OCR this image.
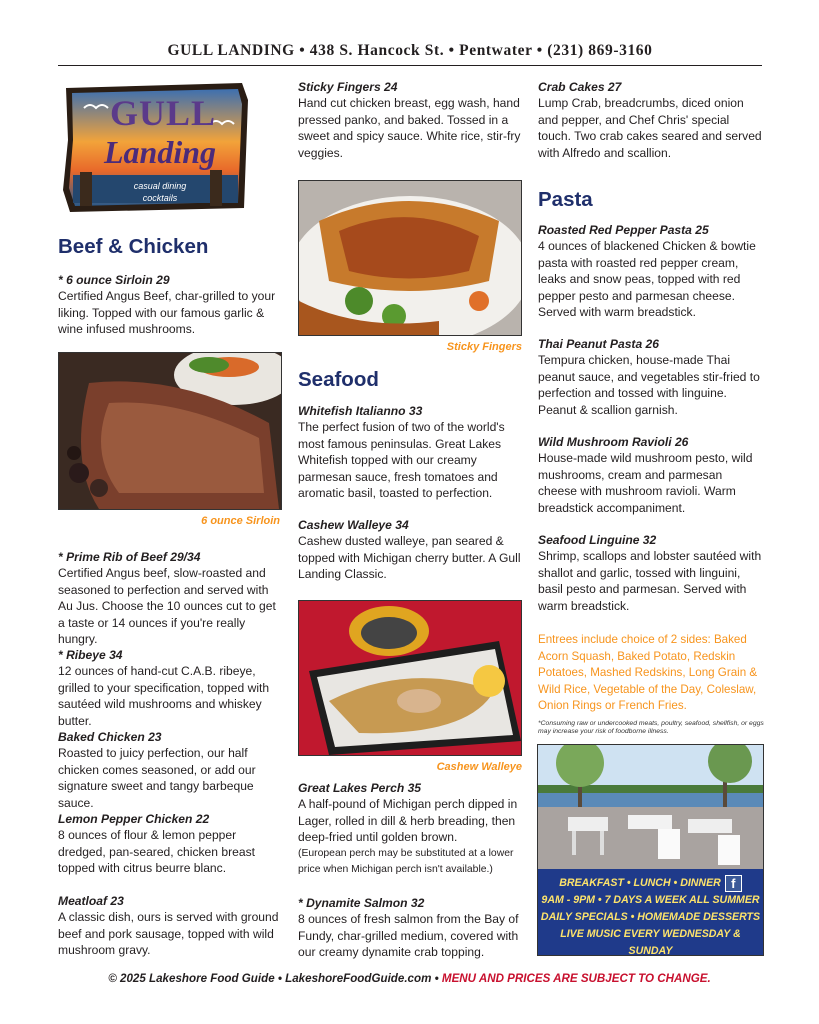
GULL LANDING • 438 S. Hancock St. • Pentwater • (231) 869-3160
GULL
Landing
casual dining
cocktails
Beef & Chicken
* 6 ounce Sirloin 29
Certified Angus Beef, char-grilled to your liking. Topped with our famous garlic & wine infused mushrooms.
6 ounce Sirloin
* Prime Rib of Beef 29/34
Certified Angus beef, slow-roasted and seasoned to perfection and served with Au Jus. Choose the 10 ounces cut to get a taste or 14 ounces if you're really hungry.
* Ribeye 34
12 ounces of hand-cut C.A.B. ribeye, grilled to your specification, topped with sautéed wild mushrooms and whiskey butter.
Baked Chicken 23
Roasted to juicy perfection, our half chicken comes seasoned, or add our signature sweet and tangy barbeque sauce.
Lemon Pepper Chicken 22
8 ounces of flour & lemon pepper dredged, pan-seared, chicken breast topped with citrus beurre blanc.
Meatloaf 23
A classic dish, ours is served with ground beef and pork sausage, topped with wild mushroom gravy.
Sticky Fingers 24
Hand cut chicken breast, egg wash, hand pressed panko, and baked. Tossed in a sweet and spicy sauce. White rice, stir-fry veggies.
Sticky Fingers
Seafood
Whitefish Italianno 33
The perfect fusion of two of the world's most famous peninsulas. Great Lakes Whitefish topped with our creamy parmesan sauce, fresh tomatoes and aromatic basil, toasted to perfection.
Cashew Walleye 34
Cashew dusted walleye, pan seared & topped with Michigan cherry butter. A Gull Landing Classic.
Cashew Walleye
Great Lakes Perch 35
A half-pound of Michigan perch dipped in Lager, rolled in dill & herb breading, then deep-fried until golden brown.
(European perch may be substituted at a lower price when Michigan perch isn't available.)
* Dynamite Salmon 32
8 ounces of fresh salmon from the Bay of Fundy, char-grilled medium, covered with our creamy dynamite crab topping.
Crab Cakes 27
Lump Crab, breadcrumbs, diced onion and pepper, and Chef Chris' special touch. Two crab cakes seared and served with Alfredo and scallion.
Pasta
Roasted Red Pepper Pasta 25
4 ounces of blackened Chicken & bowtie pasta with roasted red pepper cream, leaks and snow peas, topped with red pepper pesto and parmesan cheese. Served with warm breadstick.
Thai Peanut Pasta 26
Tempura chicken, house-made Thai peanut sauce, and vegetables stir-fried to perfection and tossed with linguine. Peanut & scallion garnish.
Wild Mushroom Ravioli 26
House-made wild mushroom pesto, wild mushrooms, cream and parmesan cheese with mushroom ravioli. Warm breadstick accompaniment.
Seafood Linguine 32
Shrimp, scallops and lobster sautéed with shallot and garlic, tossed with linguini, basil pesto and parmesan. Served with warm breadstick.
Entrees include choice of 2 sides: Baked Acorn Squash, Baked Potato, Redskin Potatoes, Mashed Redskins, Long Grain & Wild Rice, Vegetable of the Day, Coleslaw, Onion Rings or French Fries.
*Consuming raw or undercooked meats, poultry, seafood, shellfish, or eggs may increase your risk of foodborne illness.
BREAKFAST • LUNCH • DINNER f
9AM - 9PM • 7 DAYS A WEEK ALL SUMMER
DAILY SPECIALS • HOMEMADE DESSERTS
LIVE MUSIC EVERY WEDNESDAY & SUNDAY
© 2025 Lakeshore Food Guide • LakeshoreFoodGuide.com • MENU AND PRICES ARE SUBJECT TO CHANGE.
